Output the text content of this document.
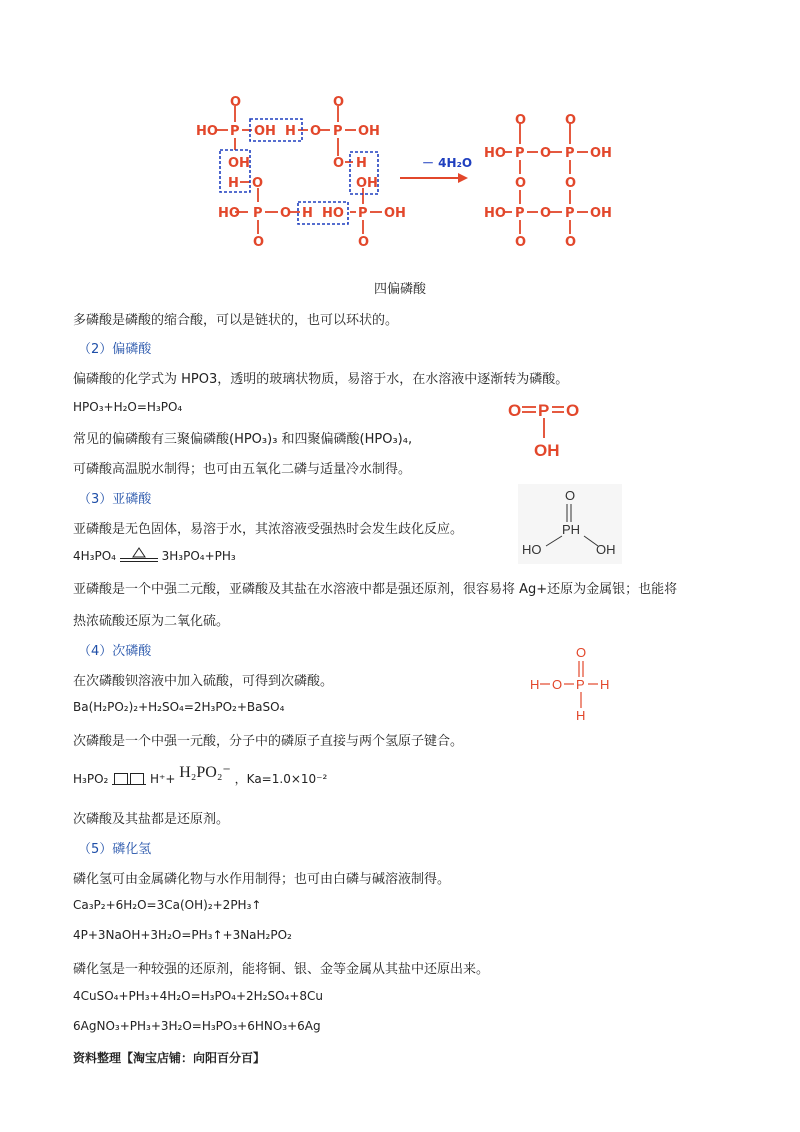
O
HO P OH H O P OH
O
OH	O H
H O	OH
HO P O H HO P OH
O	O
－ 4H₂O
O	O
HO P O P OH
O	O
HO P O P OH
O	O
四偏磷酸
多磷酸是磷酸的缩合酸，可以是链状的，也可以环状的。
（2）偏磷酸
偏磷酸的化学式为 HPO3，透明的玻璃状物质，易溶于水，在水溶液中逐渐转为磷酸。
HPO₃+H₂O=H₃PO₄
常见的偏磷酸有三聚偏磷酸(HPO₃)₃ 和四聚偏磷酸(HPO₃)₄,
可磷酸高温脱水制得；也可由五氧化二磷与适量冷水制得。
O P O
OH
（3）亚磷酸
亚磷酸是无色固体，易溶于水，其浓溶液受强热时会发生歧化反应。
4H₃PO₄	3H₃PO₄+PH₃
O
PH
HO	OH
亚磷酸是一个中强二元酸，亚磷酸及其盐在水溶液中都是强还原剂，很容易将 Ag+还原为金属银；也能将
热浓硫酸还原为二氧化硫。
（4）次磷酸
在次磷酸钡溶液中加入硫酸，可得到次磷酸。
Ba(H₂PO₂)₂+H₂SO₄=2H₃PO₂+BaSO₄
次磷酸是一个中强一元酸，分子中的磷原子直接与两个氢原子键合。
O
H O P H
H
H₃PO₂	H⁺+ H₂PO₂⁻ ，Ka=1.0×10⁻²
次磷酸及其盐都是还原剂。
（5）磷化氢
磷化氢可由金属磷化物与水作用制得；也可由白磷与碱溶液制得。
Ca₃P₂+6H₂O=3Ca(OH)₂+2PH₃↑
4P+3NaOH+3H₂O=PH₃↑+3NaH₂PO₂
磷化氢是一种较强的还原剂，能将铜、银、金等金属从其盐中还原出来。
4CuSO₄+PH₃+4H₂O=H₃PO₄+2H₂SO₄+8Cu
6AgNO₃+PH₃+3H₂O=H₃PO₃+6HNO₃+6Ag
资料整理【淘宝店铺：向阳百分百】
